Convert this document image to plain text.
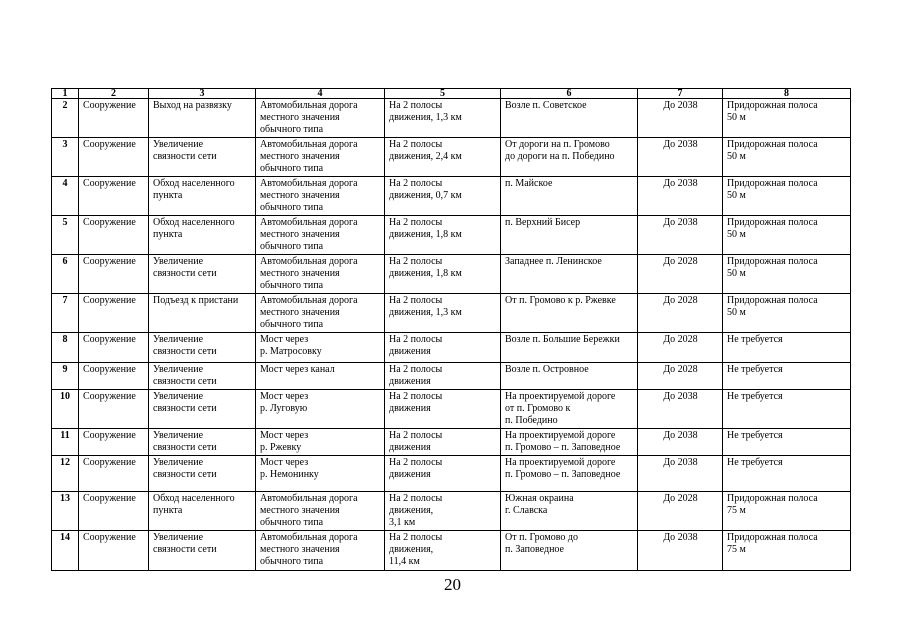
1	2	3	4	5	6	7	8
2	Сооружение	Выход на развязку	Автомобильная дорога
местного значения
обычного типа	На 2 полосы
движения, 1,3 км	Возле п. Советское	До 2038	Придорожная полоса
50 м
3	Сооружение	Увеличение
связности сети	Автомобильная дорога
местного значения
обычного типа	На 2 полосы
движения, 2,4 км	От дороги на п. Громово
до дороги на п. Победино	До 2038	Придорожная полоса
50 м
4	Сооружение	Обход населенного
пункта	Автомобильная дорога
местного значения
обычного типа	На 2 полосы
движения, 0,7 км	п. Майское	До 2038	Придорожная полоса
50 м
5	Сооружение	Обход населенного
пункта	Автомобильная дорога
местного значения
обычного типа	На 2 полосы
движения, 1,8 км	п. Верхний Бисер	До 2038	Придорожная полоса
50 м
6	Сооружение	Увеличение
связности сети	Автомобильная дорога
местного значения
обычного типа	На 2 полосы
движения, 1,8 км	Западнее п. Ленинское	До 2028	Придорожная полоса
50 м
7	Сооружение	Подъезд к пристани	Автомобильная дорога
местного значения
обычного типа	На 2 полосы
движения, 1,3 км	От п. Громово к р. Ржевке	До 2028	Придорожная полоса
50 м
8	Сооружение	Увеличение
связности сети	Мост через
р. Матросовку	На 2 полосы
движения	Возле п. Большие Бережки	До 2028	Не требуется
9	Сооружение	Увеличение
связности сети	Мост через канал	На 2 полосы
движения	Возле п. Островное	До 2028	Не требуется
10	Сооружение	Увеличение
связности сети	Мост через
р. Луговую	На 2 полосы
движения	На проектируемой дороге
от п. Громово к
п. Победино	До 2038	Не требуется
11	Сооружение	Увеличение
связности сети	Мост через
р. Ржевку	На 2 полосы
движения	На проектируемой дороге
п. Громово – п. Заповедное	До 2038	Не требуется
12	Сооружение	Увеличение
связности сети	Мост через
р. Немонинку	На 2 полосы
движения	На проектируемой дороге
п. Громово – п. Заповедное	До 2038	Не требуется
13	Сооружение	Обход населенного
пункта	Автомобильная дорога
местного значения
обычного типа	На 2 полосы
движения,
3,1 км	Южная окраина
г. Славска	До 2028	Придорожная полоса
75 м
14	Сооружение	Увеличение
связности сети	Автомобильная дорога
местного значения
обычного типа	На 2 полосы
движения,
11,4 км	От п. Громово до
п. Заповедное	До 2038	Придорожная полоса
75 м
20
